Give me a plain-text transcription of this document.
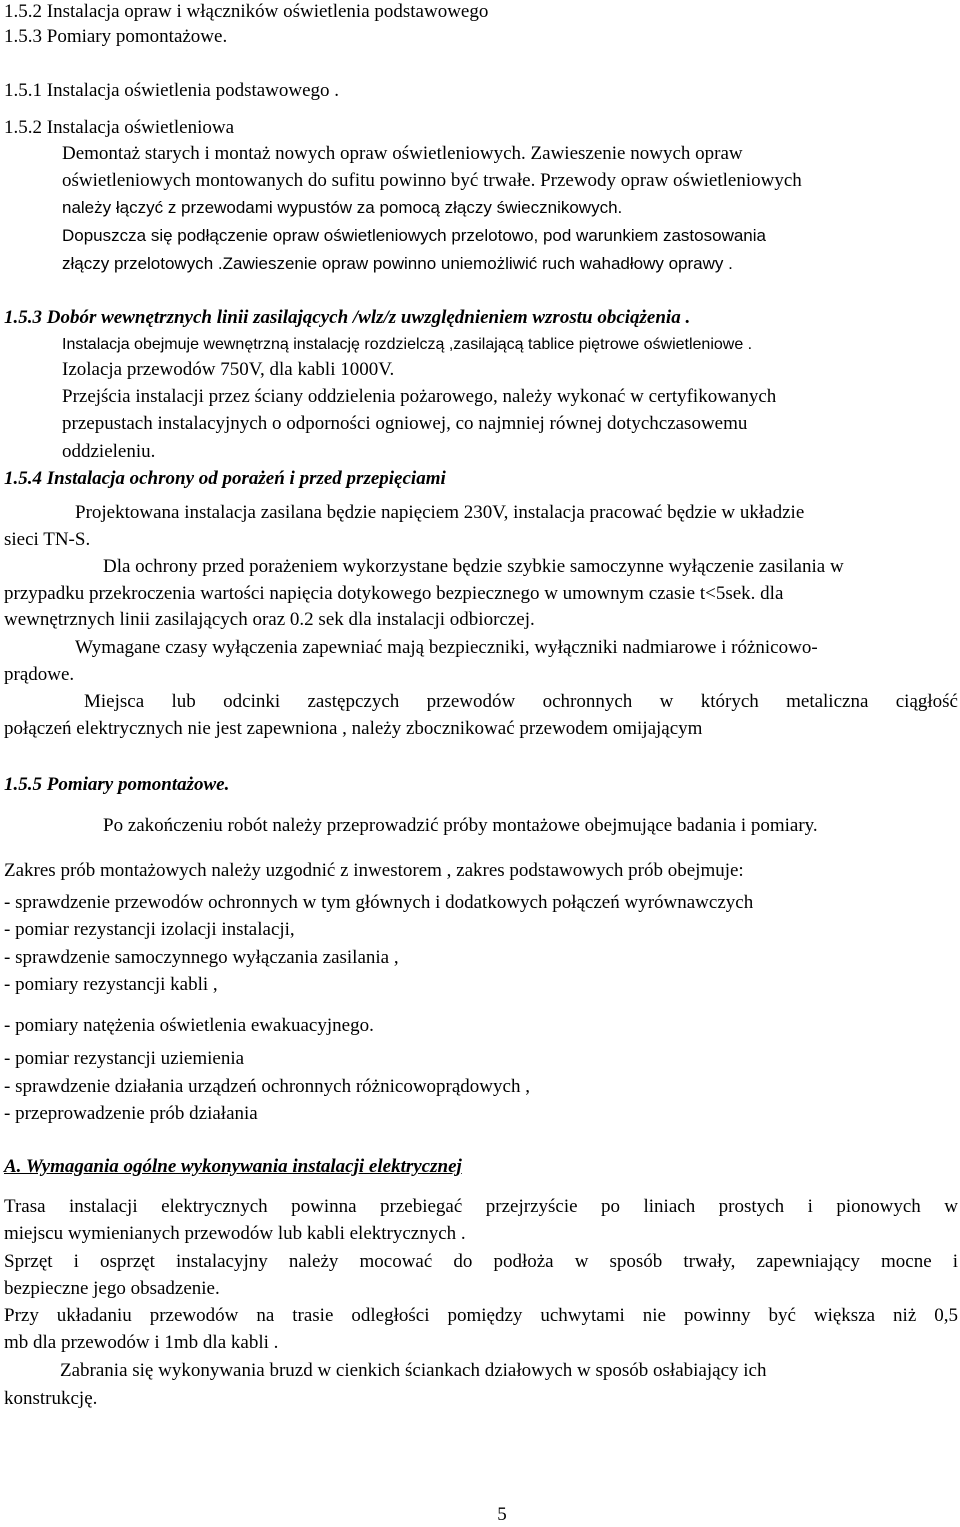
1.5.2 Instalacja opraw i włączników oświetlenia podstawowego
1.5.3 Pomiary pomontażowe.
1.5.1 Instalacja oświetlenia podstawowego .
1.5.2 Instalacja oświetleniowa
Demontaż starych i montaż nowych opraw oświetleniowych. Zawieszenie nowych opraw
oświetleniowych montowanych do sufitu powinno być trwałe. Przewody opraw oświetleniowych
należy łączyć z przewodami wypustów za pomocą złączy świecznikowych.
Dopuszcza się podłączenie opraw oświetleniowych przelotowo, pod warunkiem zastosowania
złączy przelotowych .Zawieszenie opraw powinno uniemożliwić ruch wahadłowy oprawy .
1.5.3 Dobór wewnętrznych linii zasilających /wlz/z uwzględnieniem wzrostu obciążenia .
Instalacja obejmuje wewnętrzną instalację rozdzielczą ,zasilającą tablice piętrowe oświetleniowe .
Izolacja przewodów 750V, dla kabli 1000V.
Przejścia instalacji przez ściany oddzielenia pożarowego, należy wykonać w certyfikowanych
przepustach instalacyjnych o odporności ogniowej, co najmniej równej dotychczasowemu
oddzieleniu.
1.5.4 Instalacja ochrony od porażeń i przed przepięciami
Projektowana instalacja zasilana będzie napięciem 230V, instalacja pracować będzie w układzie
sieci TN-S.
Dla ochrony przed porażeniem wykorzystane będzie szybkie samoczynne wyłączenie zasilania w
przypadku przekroczenia wartości napięcia dotykowego bezpiecznego w umownym czasie t<5sek. dla
wewnętrznych linii zasilających oraz 0.2 sek dla instalacji odbiorczej.
Wymagane czasy wyłączenia zapewniać mają bezpieczniki, wyłączniki nadmiarowe i różnicowo-
prądowe.
Miejsca lub odcinki zastępczych przewodów ochronnych w których metaliczna ciągłość
połączeń elektrycznych nie jest zapewniona , należy zbocznikować przewodem omijającym
1.5.5 Pomiary pomontażowe.
Po zakończeniu robót należy przeprowadzić próby montażowe obejmujące badania i pomiary.
Zakres prób montażowych należy uzgodnić z inwestorem , zakres podstawowych prób obejmuje:
- sprawdzenie przewodów ochronnych w tym głównych i dodatkowych połączeń wyrównawczych
- pomiar rezystancji izolacji instalacji,
- sprawdzenie samoczynnego wyłączania zasilania ,
- pomiary rezystancji kabli ,
- pomiary natężenia oświetlenia ewakuacyjnego.
- pomiar rezystancji uziemienia
- sprawdzenie działania urządzeń ochronnych różnicowoprądowych ,
- przeprowadzenie prób działania
A. Wymagania ogólne wykonywania instalacji elektrycznej
Trasa instalacji elektrycznych powinna przebiegać przejrzyście po liniach prostych i pionowych w
miejscu wymienianych przewodów lub kabli elektrycznych .
Sprzęt i osprzęt instalacyjny należy mocować do podłoża w sposób trwały, zapewniający mocne i
bezpieczne jego obsadzenie.
Przy układaniu przewodów na trasie odległości pomiędzy uchwytami nie powinny być większa niż 0,5
mb dla przewodów i 1mb dla kabli .
Zabrania się wykonywania bruzd w cienkich ściankach działowych w sposób osłabiający ich
konstrukcję.
5
